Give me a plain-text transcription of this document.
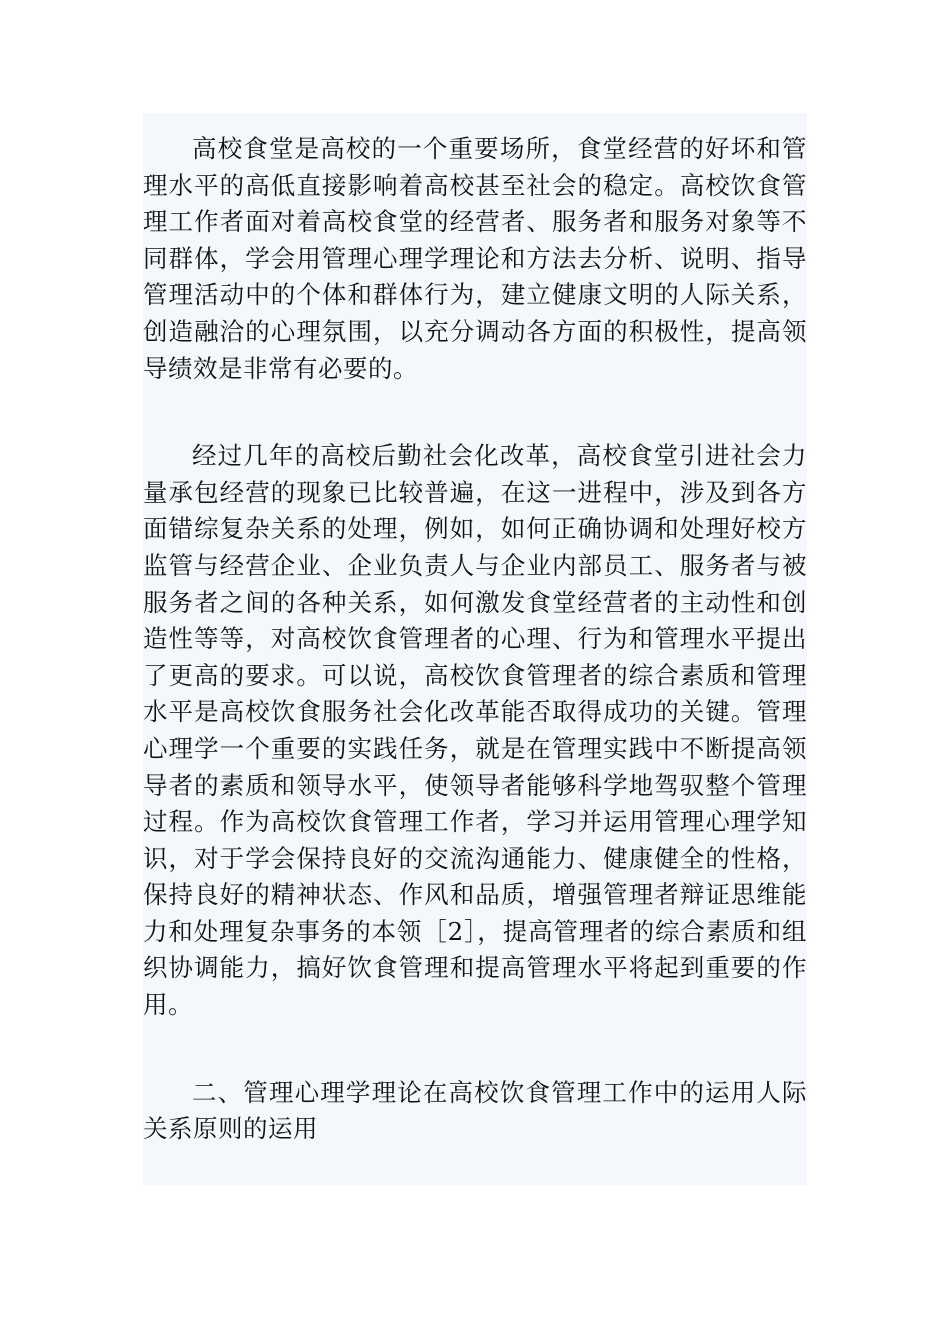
高校食堂是高校的一个重要场所，食堂经营的好坏和管理水平的高低直接影响着高校甚至社会的稳定。高校饮食管理工作者面对着高校食堂的经营者、服务者和服务对象等不同群体，学会用管理心理学理论和方法去分析、说明、指导管理活动中的个体和群体行为，建立健康文明的人际关系，创造融洽的心理氛围，以充分调动各方面的积极性，提高领导绩效是非常有必要的。

经过几年的高校后勤社会化改革，高校食堂引进社会力量承包经营的现象已比较普遍，在这一进程中，涉及到各方面错综复杂关系的处理，例如，如何正确协调和处理好校方监管与经营企业、企业负责人与企业内部员工、服务者与被服务者之间的各种关系，如何激发食堂经营者的主动性和创造性等等，对高校饮食管理者的心理、行为和管理水平提出了更高的要求。可以说，高校饮食管理者的综合素质和管理水平是高校饮食服务社会化改革能否取得成功的关键。管理心理学一个重要的实践任务，就是在管理实践中不断提高领导者的素质和领导水平，使领导者能够科学地驾驭整个管理过程。作为高校饮食管理工作者，学习并运用管理心理学知识，对于学会保持良好的交流沟通能力、健康健全的性格，保持良好的精神状态、作风和品质，增强管理者辩证思维能力和处理复杂事务的本领［2］，提高管理者的综合素质和组织协调能力，搞好饮食管理和提高管理水平将起到重要的作用。

二、管理心理学理论在高校饮食管理工作中的运用人际关系原则的运用
